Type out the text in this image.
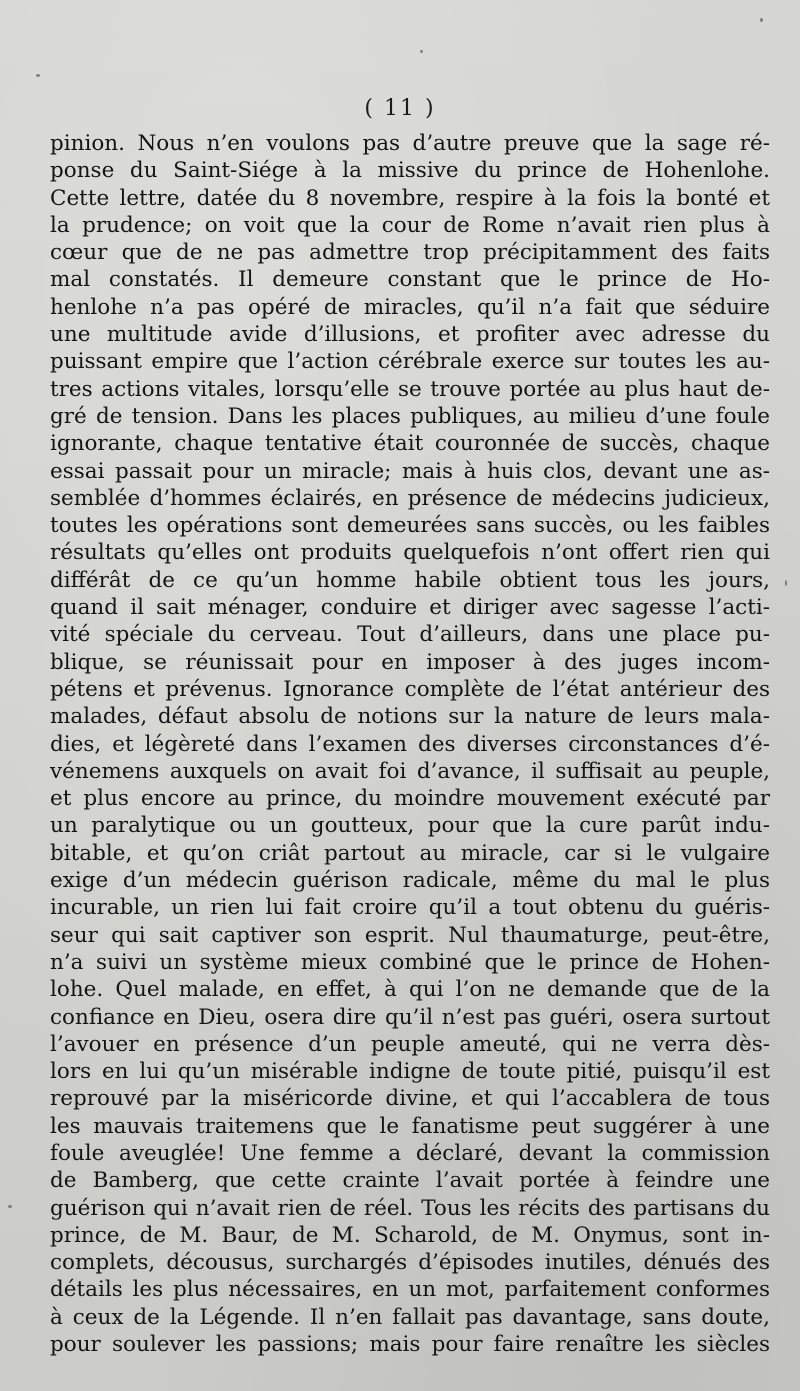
( 11 )
pinion. Nous n’en voulons pas d’autre preuve que la sage ré-
ponse du Saint-Siége à la missive du prince de Hohenlohe.
Cette lettre, datée du 8 novembre, respire à la fois la bonté et
la prudence; on voit que la cour de Rome n’avait rien plus à
cœur que de ne pas admettre trop précipitamment des faits
mal constatés. Il demeure constant que le prince de Ho-
henlohe n’a pas opéré de miracles, qu’il n’a fait que séduire
une multitude avide d’illusions, et profiter avec adresse du
puissant empire que l’action cérébrale exerce sur toutes les au-
tres actions vitales, lorsqu’elle se trouve portée au plus haut de-
gré de tension. Dans les places publiques, au milieu d’une foule
ignorante, chaque tentative était couronnée de succès, chaque
essai passait pour un miracle; mais à huis clos, devant une as-
semblée d’hommes éclairés, en présence de médecins judicieux,
toutes les opérations sont demeurées sans succès, ou les faibles
résultats qu’elles ont produits quelquefois n’ont offert rien qui
différât de ce qu’un homme habile obtient tous les jours,
quand il sait ménager, conduire et diriger avec sagesse l’acti-
vité spéciale du cerveau. Tout d’ailleurs, dans une place pu-
blique, se réunissait pour en imposer à des juges incom-
pétens et prévenus. Ignorance complète de l’état antérieur des
malades, défaut absolu de notions sur la nature de leurs mala-
dies, et légèreté dans l’examen des diverses circonstances d’é-
vénemens auxquels on avait foi d’avance, il suffisait au peuple,
et plus encore au prince, du moindre mouvement exécuté par
un paralytique ou un goutteux, pour que la cure parût indu-
bitable, et qu’on criât partout au miracle, car si le vulgaire
exige d’un médecin guérison radicale, même du mal le plus
incurable, un rien lui fait croire qu’il a tout obtenu du guéris-
seur qui sait captiver son esprit. Nul thaumaturge, peut-être,
n’a suivi un système mieux combiné que le prince de Hohen-
lohe. Quel malade, en effet, à qui l’on ne demande que de la
confiance en Dieu, osera dire qu’il n’est pas guéri, osera surtout
l’avouer en présence d’un peuple ameuté, qui ne verra dès-
lors en lui qu’un misérable indigne de toute pitié, puisqu’il est
reprouvé par la miséricorde divine, et qui l’accablera de tous
les mauvais traitemens que le fanatisme peut suggérer à une
foule aveuglée! Une femme a déclaré, devant la commission
de Bamberg, que cette crainte l’avait portée à feindre une
guérison qui n’avait rien de réel. Tous les récits des partisans du
prince, de M. Baur, de M. Scharold, de M. Onymus, sont in-
complets, décousus, surchargés d’épisodes inutiles, dénués des
détails les plus nécessaires, en un mot, parfaitement conformes
à ceux de la Légende. Il n’en fallait pas davantage, sans doute,
pour soulever les passions; mais pour faire renaître les siècles
